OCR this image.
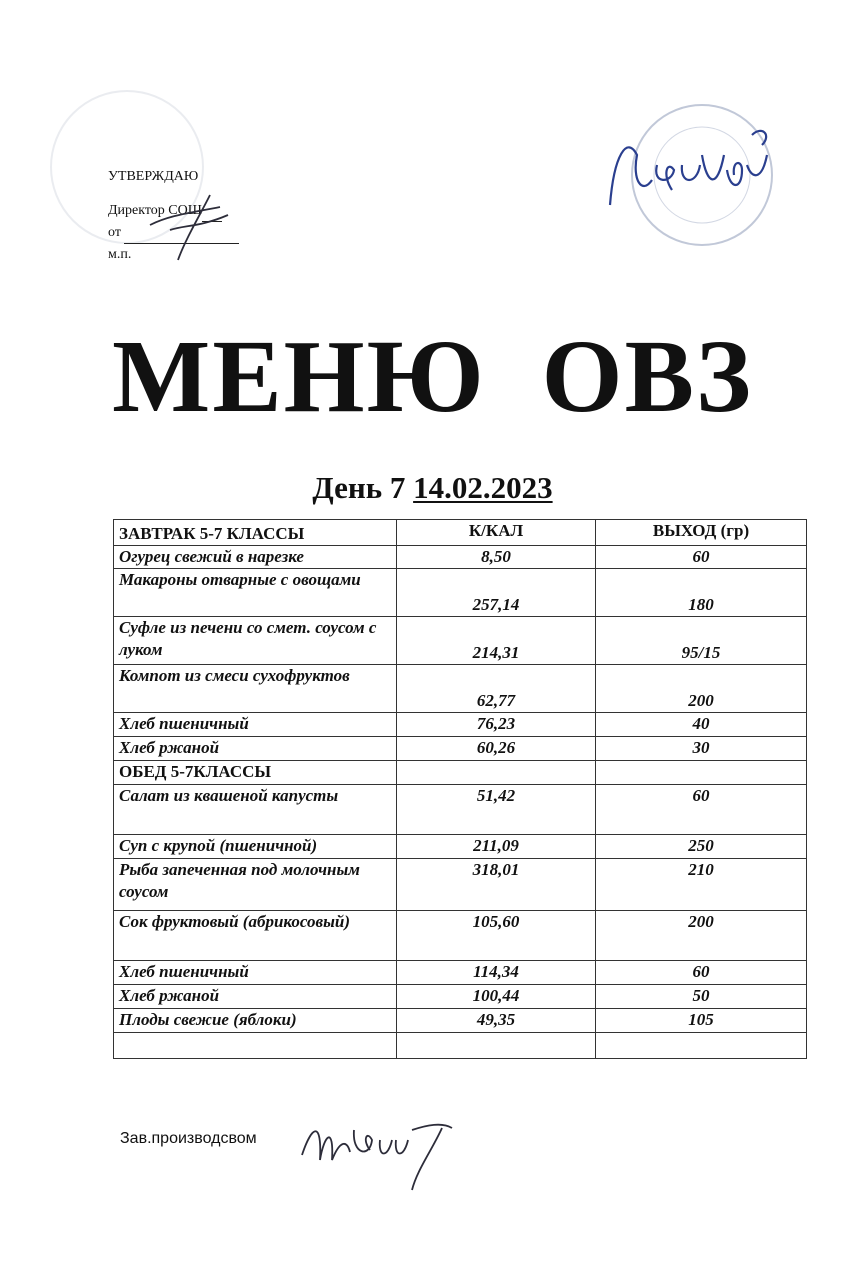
УТВЕРЖДАЮ
Директор СОШ
от
м.п.
МЕНЮ  ОВЗ
День 7 14.02.2023
ЗАВТРАК 5-7 КЛАССЫ	К/КАЛ	ВЫХОД (гр)
Огурец свежий в нарезке	8,50	60
Макароны отварные с овощами	257,14	180
Суфле из печени со смет. соусом с луком	214,31	95/15
Компот из смеси сухофруктов	62,77	200
Хлеб пшеничный	76,23	40
Хлеб ржаной	60,26	30
ОБЕД 5-7КЛАССЫ		
Салат из квашеной капусты	51,42	60
Суп с крупой (пшеничной)	211,09	250
Рыба запеченная под молочным соусом	318,01	210
Сок фруктовый (абрикосовый)	105,60	200
Хлеб пшеничный	114,34	60
Хлеб ржаной	100,44	50
Плоды свежие (яблоки)	49,35	105

Зав.производсвом
